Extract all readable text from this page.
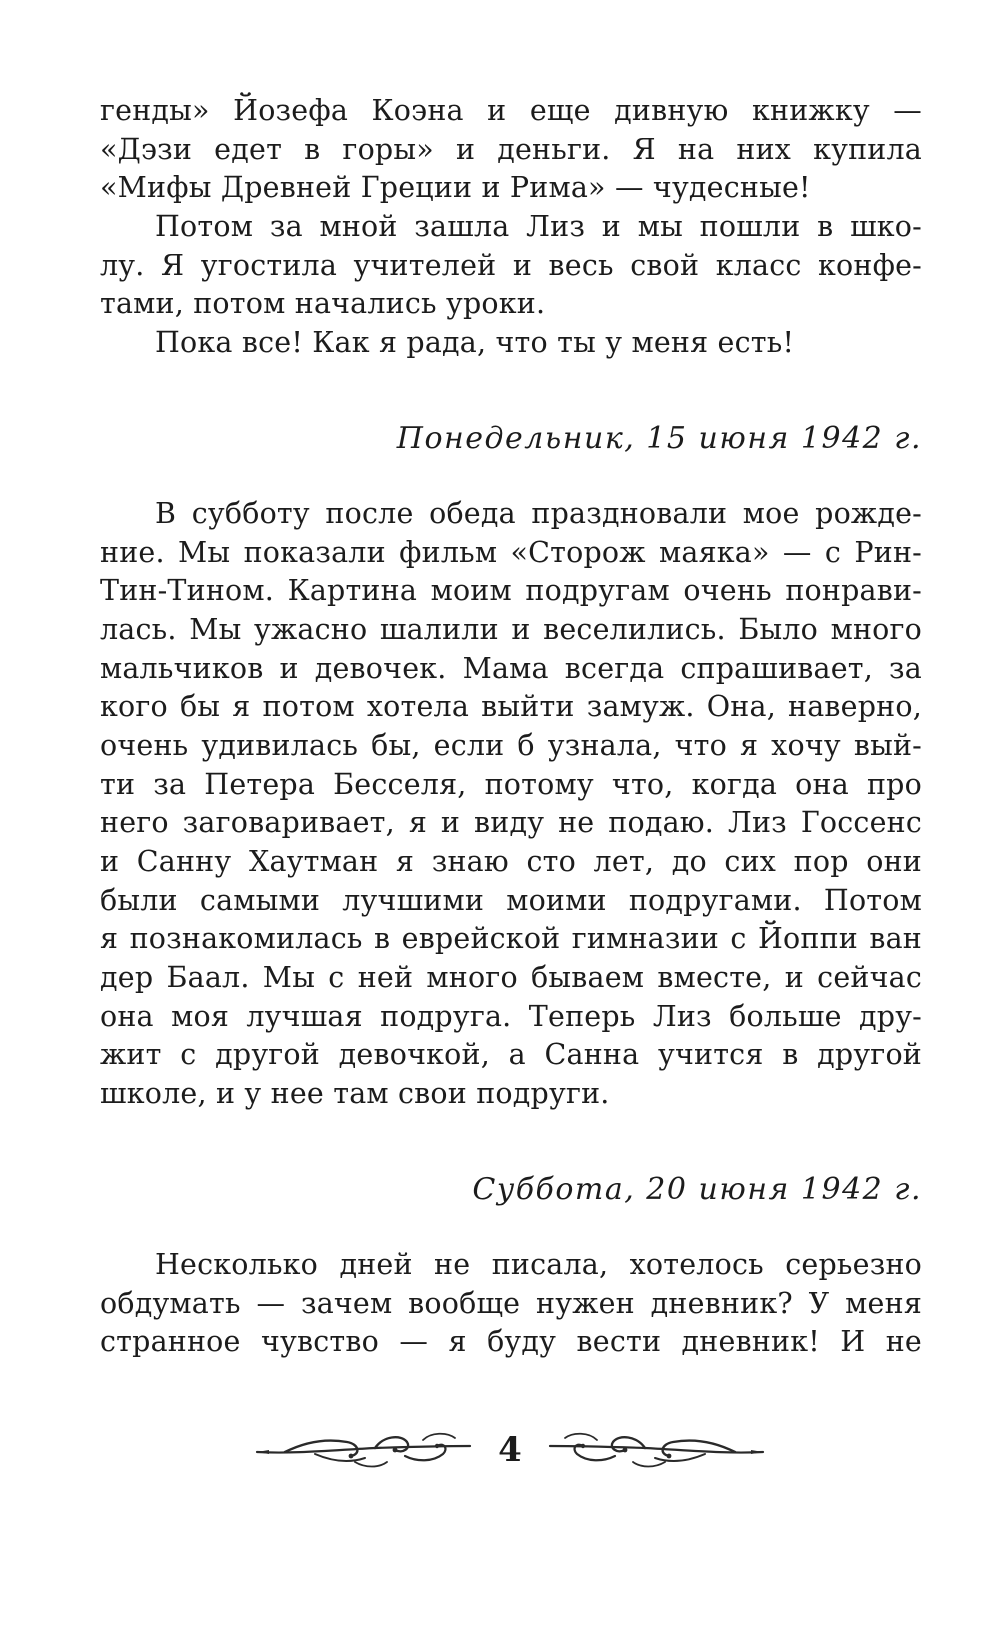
генды» Йозефа Коэна и еще дивную книжку —
«Дэзи едет в горы» и деньги. Я на них купила
«Мифы Древней Греции и Рима» — чудесные!
Потом за мной зашла Лиз и мы пошли в шко-
лу. Я угостила учителей и весь свой класс конфе-
тами, потом начались уроки.
Пока все! Как я рада, что ты у меня есть!
Понедельник, 15 июня 1942 г.
В субботу после обеда праздновали мое рожде-
ние. Мы показали фильм «Сторож маяка» — с Рин-
Тин-Тином. Картина моим подругам очень понрави-
лась. Мы ужасно шалили и веселились. Было много
мальчиков и девочек. Мама всегда спрашивает, за
кого бы я потом хотела выйти замуж. Она, наверно,
очень удивилась бы, если б узнала, что я хочу вый-
ти за Петера Бесселя, потому что, когда она про
него заговаривает, я и виду не подаю. Лиз Госсенс
и Санну Хаутман я знаю сто лет, до сих пор они
были самыми лучшими моими подругами. Потом
я познакомилась в еврейской гимназии с Йоппи ван
дер Баал. Мы с ней много бываем вместе, и сейчас
она моя лучшая подруга. Теперь Лиз больше дру-
жит с другой девочкой, а Санна учится в другой
школе, и у нее там свои подруги.
Суббота, 20 июня 1942 г.
Несколько дней не писала, хотелось серьезно
обдумать — зачем вообще нужен дневник? У меня
странное чувство — я буду вести дневник! И не
4
